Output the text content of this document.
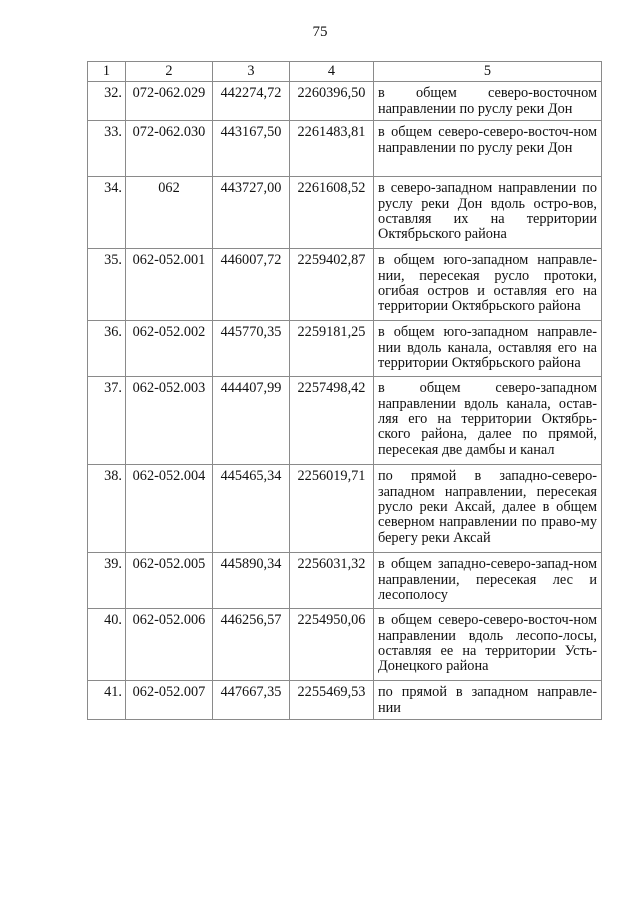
75
1	2	3	4	5
32.	072-062.029	442274,72	2260396,50	в общем северо-восточном направлении по руслу реки Дон
33.	072-062.030	443167,50	2261483,81	в общем северо-северо-восточ-ном направлении по руслу реки Дон
34.	062	443727,00	2261608,52	в северо-западном направлении по руслу реки Дон вдоль остро-вов, оставляя их на территории Октябрьского района
35.	062-052.001	446007,72	2259402,87	в общем юго-западном направле-нии, пересекая русло протоки, огибая остров и оставляя его на территории Октябрьского района
36.	062-052.002	445770,35	2259181,25	в общем юго-западном направле-нии вдоль канала, оставляя его на территории Октябрьского района
37.	062-052.003	444407,99	2257498,42	в общем северо-западном направлении вдоль канала, остав-ляя его на территории Октябрь-ского района, далее по прямой, пересекая две дамбы и канал
38.	062-052.004	445465,34	2256019,71	по прямой в западно-северо-западном направлении, пересекая русло реки Аксай, далее в общем северном направлении по право-му берегу реки Аксай
39.	062-052.005	445890,34	2256031,32	в общем западно-северо-запад-ном направлении, пересекая лес и лесополосу
40.	062-052.006	446256,57	2254950,06	в общем северо-северо-восточ-ном направлении вдоль лесопо-лосы, оставляя ее на территории Усть-Донецкого района
41.	062-052.007	447667,35	2255469,53	по прямой в западном направле-нии
